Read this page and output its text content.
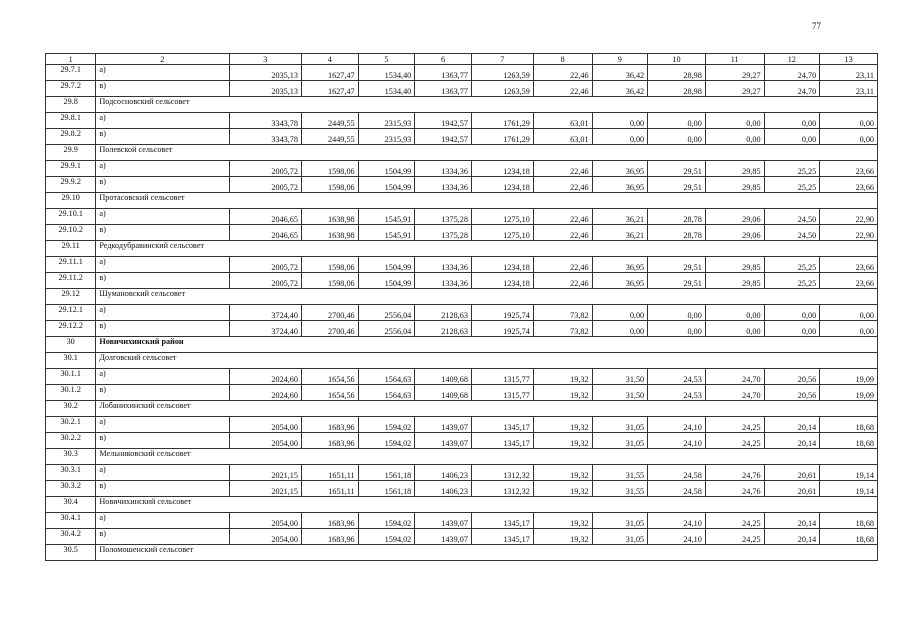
77
1	2	3	4	5	6	7	8	9	10	11	12	13
29.7.1	а)	2035,13	1627,47	1534,40	1363,77	1263,59	22,46	36,42	28,98	29,27	24,70	23,11
29.7.2	в)	2035,13	1627,47	1534,40	1363,77	1263,59	22,46	36,42	28,98	29,27	24,70	23,11
29.8	Подсосновский сельсовет											
29.8.1	а)	3343,78	2449,55	2315,93	1942,57	1761,29	63,01	0,00	0,00	0,00	0,00	0,00
29.8.2	в)	3343,78	2449,55	2315,93	1942,57	1761,29	63,01	0,00	0,00	0,00	0,00	0,00
29.9	Полевской сельсовет											
29.9.1	а)	2005,72	1598,06	1504,99	1334,36	1234,18	22,46	36,95	29,51	29,85	25,25	23,66
29.9.2	в)	2005,72	1598,06	1504,99	1334,36	1234,18	22,46	36,95	29,51	29,85	25,25	23,66
29.10	Протасовский сельсовет											
29.10.1	а)	2046,65	1638,98	1545,91	1375,28	1275,10	22,46	36,21	28,78	29,06	24,50	22,90
29.10.2	в)	2046,65	1638,98	1545,91	1375,28	1275,10	22,46	36,21	28,78	29,06	24,50	22,90
29.11	Редкодубравинский сельсовет											
29.11.1	а)	2005,72	1598,06	1504,99	1334,36	1234,18	22,46	36,95	29,51	29,85	25,25	23,66
29.11.2	в)	2005,72	1598,06	1504,99	1334,36	1234,18	22,46	36,95	29,51	29,85	25,25	23,66
29.12	Шумановский сельсовет											
29.12.1	а)	3724,40	2700,46	2556,04	2128,63	1925,74	73,82	0,00	0,00	0,00	0,00	0,00
29.12.2	в)	3724,40	2700,46	2556,04	2128,63	1925,74	73,82	0,00	0,00	0,00	0,00	0,00
30	Новичихинский район											
30.1	Долговский сельсовет											
30.1.1	а)	2024,60	1654,56	1564,63	1409,68	1315,77	19,32	31,50	24,53	24,70	20,56	19,09
30.1.2	в)	2024,60	1654,56	1564,63	1409,68	1315,77	19,32	31,50	24,53	24,70	20,56	19,09
30.2	Лобанихинский сельсовет											
30.2.1	а)	2054,00	1683,96	1594,02	1439,07	1345,17	19,32	31,05	24,10	24,25	20,14	18,68
30.2.2	в)	2054,00	1683,96	1594,02	1439,07	1345,17	19,32	31,05	24,10	24,25	20,14	18,68
30.3	Мельниковский сельсовет											
30.3.1	а)	2021,15	1651,11	1561,18	1406,23	1312,32	19,32	31,55	24,58	24,76	20,61	19,14
30.3.2	в)	2021,15	1651,11	1561,18	1406,23	1312,32	19,32	31,55	24,58	24,76	20,61	19,14
30.4	Новичихинский сельсовет											
30.4.1	а)	2054,00	1683,96	1594,02	1439,07	1345,17	19,32	31,05	24,10	24,25	20,14	18,68
30.4.2	в)	2054,00	1683,96	1594,02	1439,07	1345,17	19,32	31,05	24,10	24,25	20,14	18,68
30.5	Поломошенский сельсовет											
